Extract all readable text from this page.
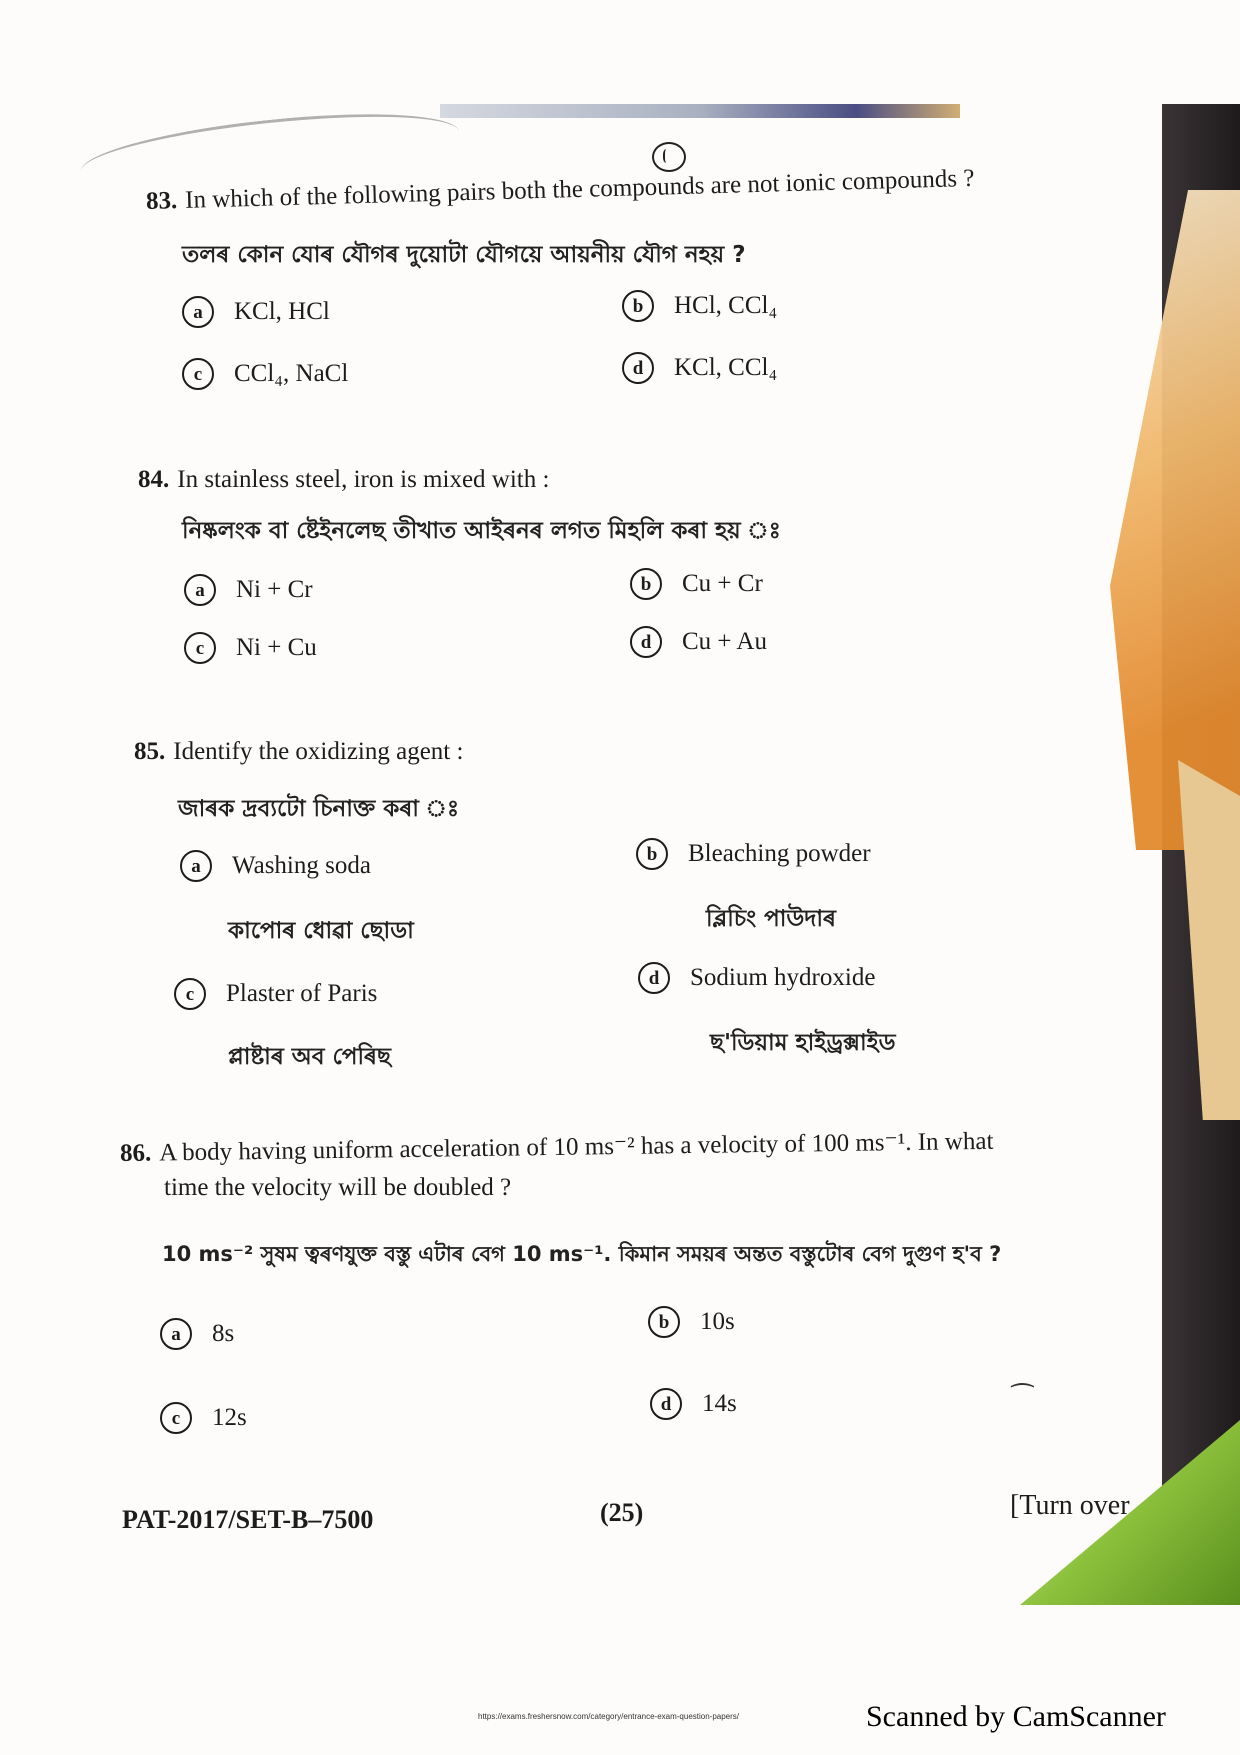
83. In which of the following pairs both the compounds are not ionic compounds ?
তলৰ কোন যোৰ যৌগৰ দুয়োটা যৌগয়ে আয়নীয় যৌগ নহয় ?
a	KCl, HCl	b	HCl, CCl₄
c	CCl₄, NaCl	d	KCl, CCl₄
84. In stainless steel, iron is mixed with :
নিষ্কলংক বা ষ্টেইনলেছ তীখাত আইৰনৰ লগত মিহলি কৰা হয় ঃ
a	Ni + Cr	b	Cu + Cr
c	Ni + Cu	d	Cu + Au
85. Identify the oxidizing agent :
জাৰক দ্ৰব্যটো চিনাক্ত কৰা ঃ
a	Washing soda
কাপোৰ ধোৱা ছোডা
b	Bleaching powder
ব্লিচিং পাউদাৰ
c	Plaster of Paris
প্লাষ্টাৰ অব পেৰিছ
d	Sodium hydroxide
ছ'ডিয়াম হাইড্ৰক্সাইড
86. A body having uniform acceleration of 10 ms⁻² has a velocity of 100 ms⁻¹. In what
time the velocity will be doubled ?
10 ms⁻² সুষম ত্বৰণযুক্ত বস্তু এটাৰ বেগ 10 ms⁻¹. কিমান সময়ৰ অন্তত বস্তুটোৰ বেগ দুগুণ হ'ব ?
a	8s	b	10s
c	12s	d	14s	⁀
PAT-2017/SET-B–7500	(25)	[Turn over
https://exams.freshersnow.com/category/entrance-exam-question-papers/	Scanned by CamScanner
